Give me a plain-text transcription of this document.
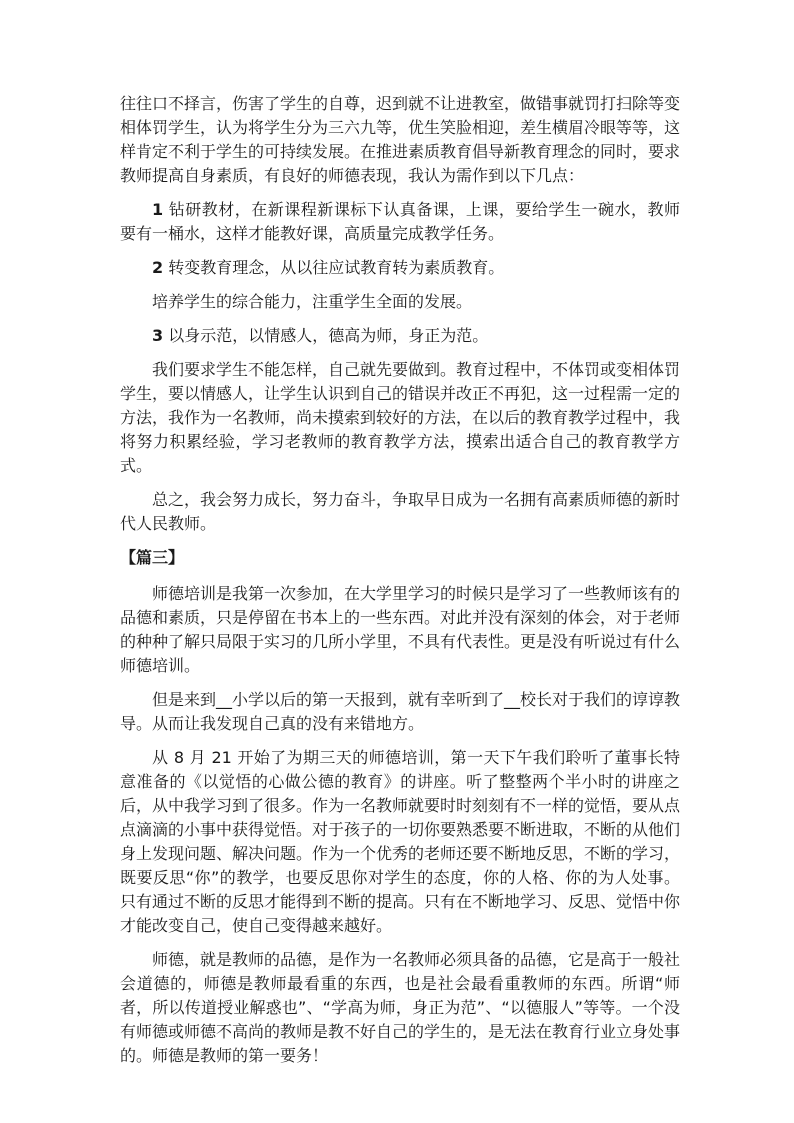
往往口不择言，伤害了学生的自尊，迟到就不让进教室，做错事就罚打扫除等变相体罚学生，认为将学生分为三六九等，优生笑脸相迎，差生横眉冷眼等等，这样肯定不利于学生的可持续发展。在推进素质教育倡导新教育理念的同时，要求教师提高自身素质，有良好的师德表现，我认为需作到以下几点：

1 钻研教材，在新课程新课标下认真备课，上课，要给学生一碗水，教师要有一桶水，这样才能教好课，高质量完成教学任务。

2 转变教育理念，从以往应试教育转为素质教育。

培养学生的综合能力，注重学生全面的发展。

3 以身示范，以情感人，德高为师，身正为范。

我们要求学生不能怎样，自己就先要做到。教育过程中，不体罚或变相体罚学生，要以情感人，让学生认识到自己的错误并改正不再犯，这一过程需一定的方法，我作为一名教师，尚未摸索到较好的方法，在以后的教育教学过程中，我将努力积累经验，学习老教师的教育教学方法，摸索出适合自己的教育教学方式。

总之，我会努力成长，努力奋斗，争取早日成为一名拥有高素质师德的新时代人民教师。

【篇三】

师德培训是我第一次参加，在大学里学习的时候只是学习了一些教师该有的品德和素质，只是停留在书本上的一些东西。对此并没有深刻的体会，对于老师的种种了解只局限于实习的几所小学里，不具有代表性。更是没有听说过有什么师德培训。

但是来到__小学以后的第一天报到，就有幸听到了__校长对于我们的谆谆教导。从而让我发现自己真的没有来错地方。

从 8 月 21 开始了为期三天的师德培训，第一天下午我们聆听了董事长特意准备的《以觉悟的心做公德的教育》的讲座。听了整整两个半小时的讲座之后，从中我学习到了很多。作为一名教师就要时时刻刻有不一样的觉悟，要从点点滴滴的小事中获得觉悟。对于孩子的一切你要熟悉要不断进取，不断的从他们身上发现问题、解决问题。作为一个优秀的老师还要不断地反思，不断的学习，既要反思“你”的教学，也要反思你对学生的态度，你的人格、你的为人处事。只有通过不断的反思才能得到不断的提高。只有在不断地学习、反思、觉悟中你才能改变自己，使自己变得越来越好。

师德，就是教师的品德，是作为一名教师必须具备的品德，它是高于一般社会道德的，师德是教师最看重的东西，也是社会最看重教师的东西。所谓“师者，所以传道授业解惑也”、“学高为师，身正为范”、“以德服人”等等。一个没有师德或师德不高尚的教师是教不好自己的学生的，是无法在教育行业立身处事的。师德是教师的第一要务！
